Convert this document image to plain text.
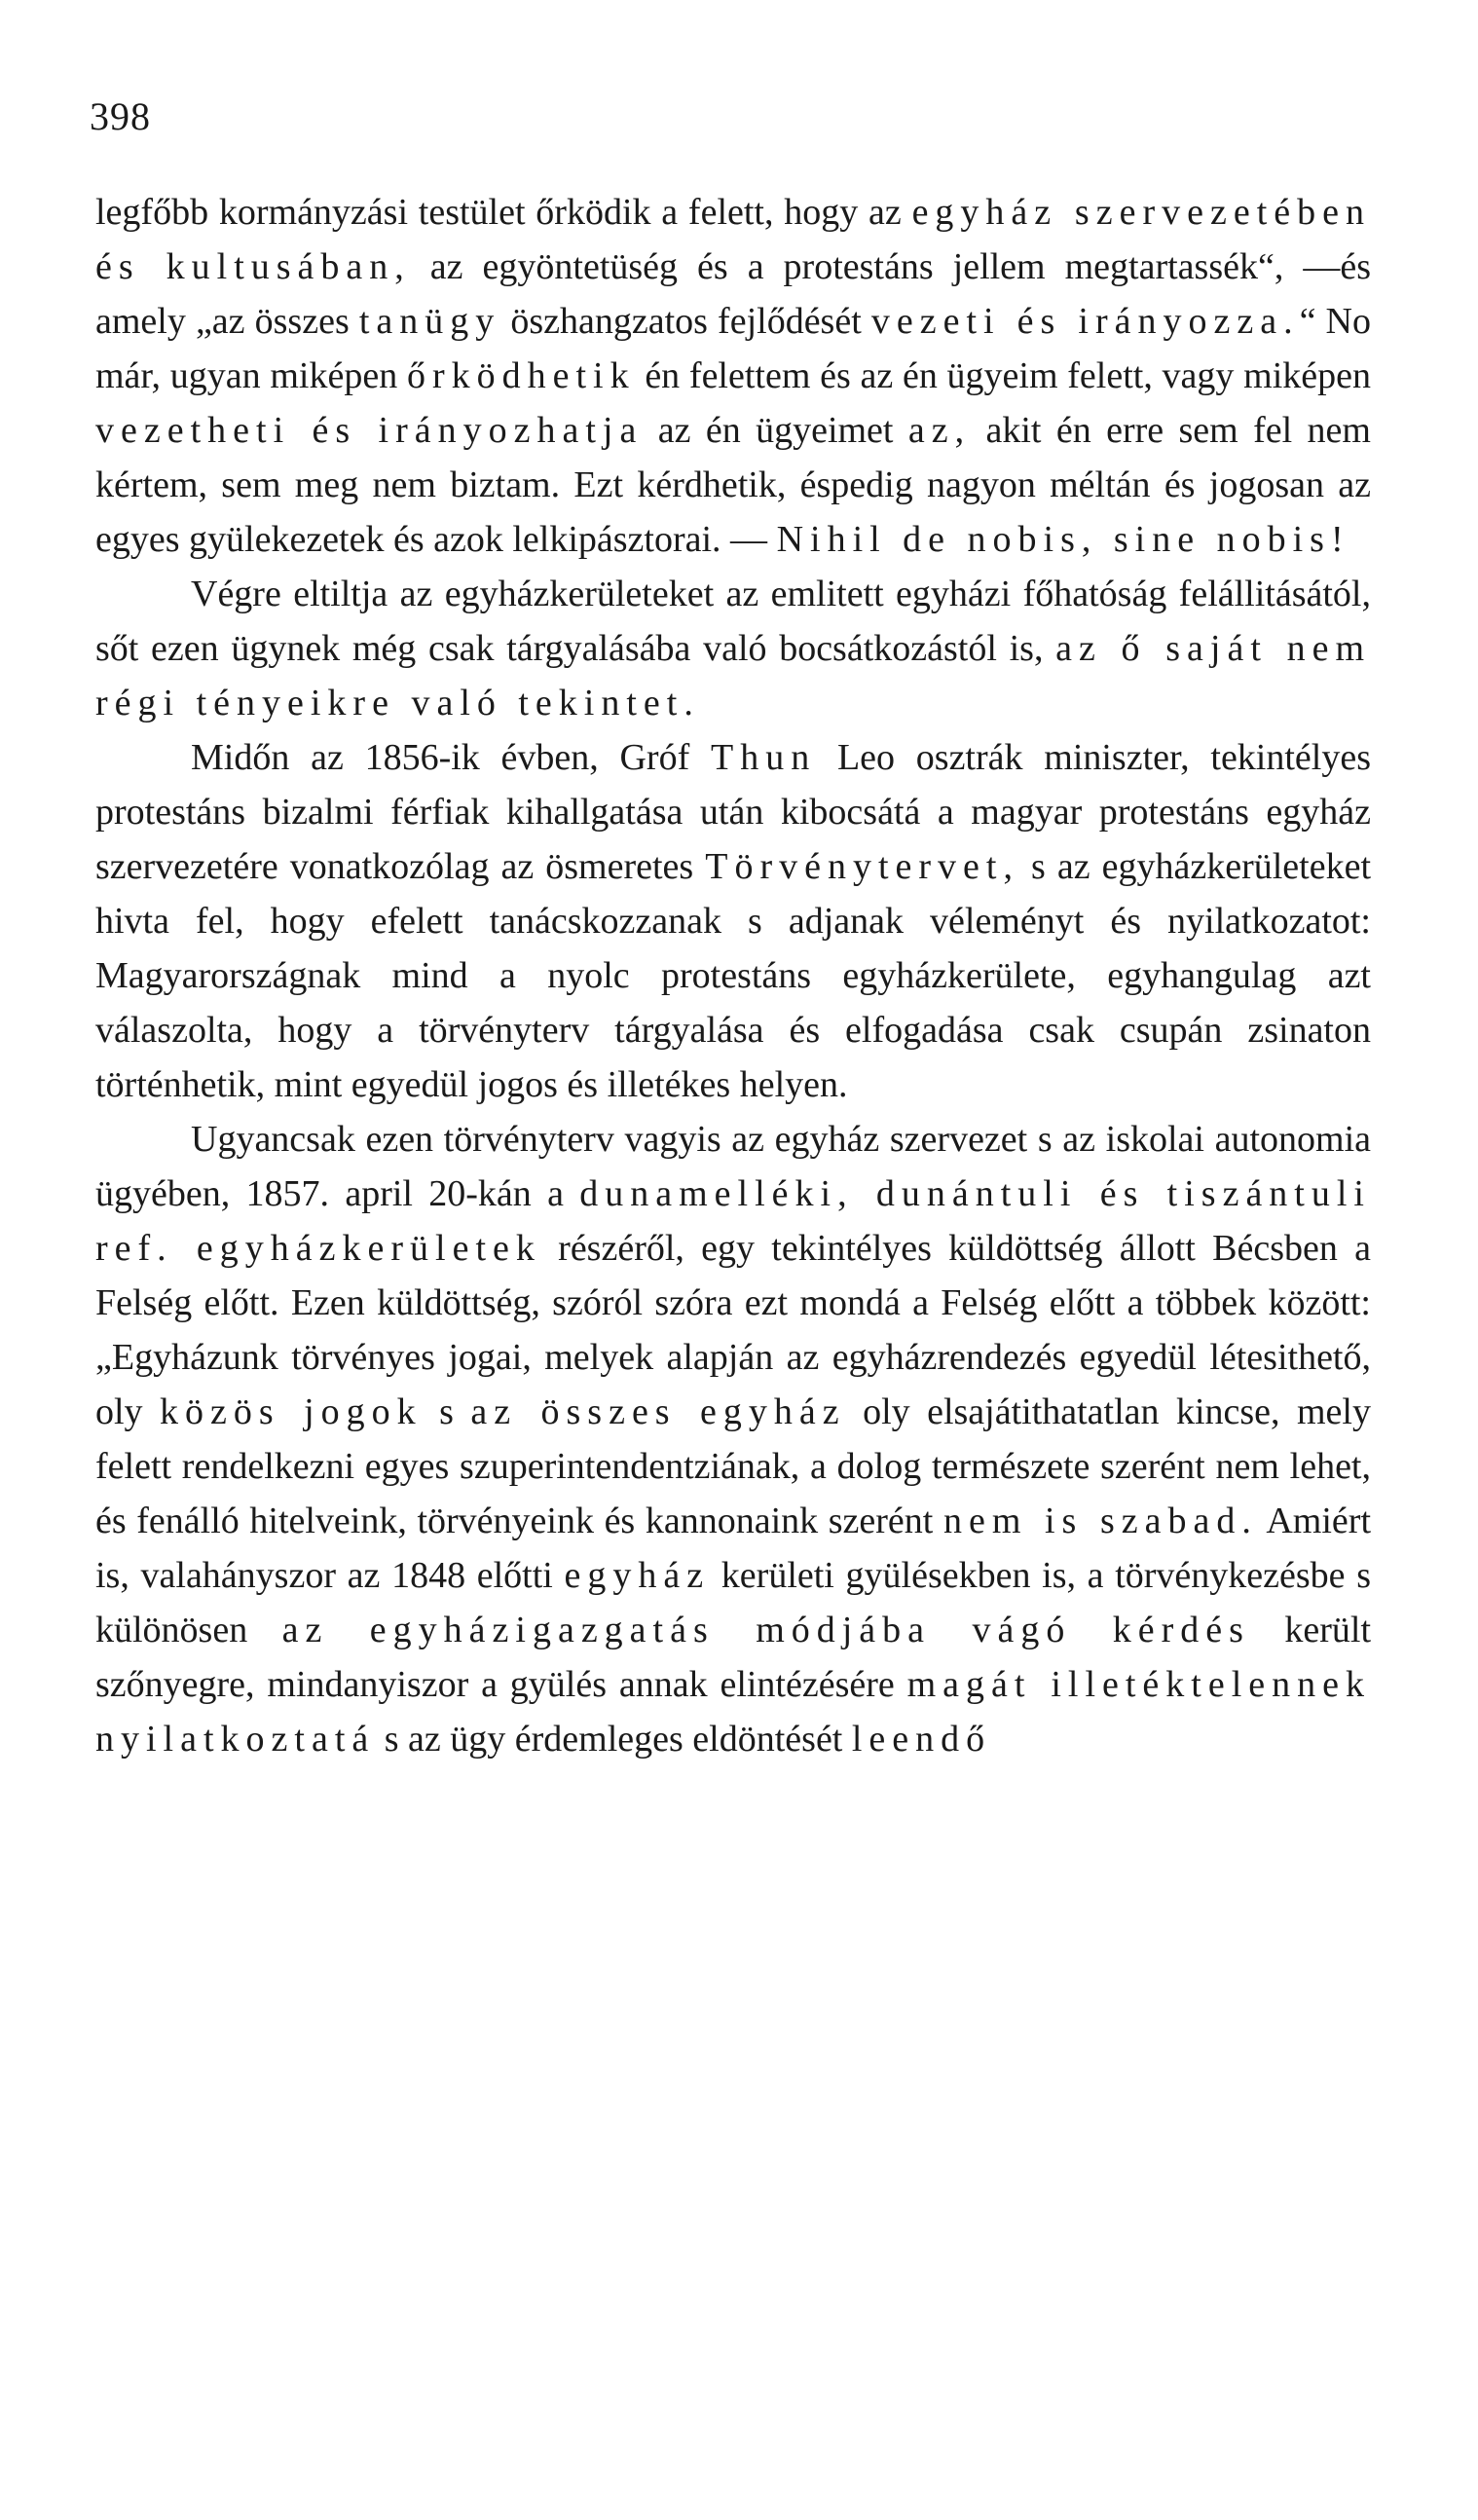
398

legfőbb kormányzási testület őrködik a felett, hogy az egyház szervezetében és kultusában, az egyöntetüség és a protestáns jellem megtartassék“, —és amely „az összes tanügy öszhangzatos fejlődését vezeti és irányozza.“ No már, ugyan miképen őrködhetik én felettem és az én ügyeim felett, vagy miképen vezetheti és irányozhatja az én ügyeimet az, akit én erre sem fel nem kértem, sem meg nem biztam. Ezt kérdhetik, éspedig nagyon méltán és jogosan az egyes gyülekezetek és azok lelkipásztorai. — Nihil de nobis, sine nobis!

Végre eltiltja az egyházkerületeket az emlitett egyházi főhatóság felállitásától, sőt ezen ügynek még csak tárgyalásába való bocsátkozástól is, az ő saját nem régi tényeikre való tekintet.

Midőn az 1856-ik évben, Gróf Thun Leo osztrák miniszter, tekintélyes protestáns bizalmi férfiak kihallgatása után kibocsátá a magyar protestáns egyház szervezetére vonatkozólag az ösmeretes Törvénytervet, s az egyházkerületeket hivta fel, hogy efelett tanácskozzanak s adjanak véleményt és nyilatkozatot: Magyarországnak mind a nyolc protestáns egyházkerülete, egyhangulag azt válaszolta, hogy a törvényterv tárgyalása és elfogadása csak csupán zsinaton történhetik, mint egyedül jogos és illetékes helyen.

Ugyancsak ezen törvényterv vagyis az egyház szervezet s az iskolai autonomia ügyében, 1857. april 20-kán a dunamelléki, dunántuli és tiszántuli ref. egyházkerületek részéről, egy tekintélyes küldöttség állott Bécsben a Felség előtt. Ezen küldöttség, szóról szóra ezt mondá a Felség előtt a többek között: „Egyházunk törvényes jogai, melyek alapján az egyházrendezés egyedül létesithető, oly közös jogok s az összes egyház oly elsajátithatatlan kincse, mely felett rendelkezni egyes szuperintendentziának, a dolog természete szerént nem lehet, és fenálló hitelveink, törvényeink és kannonaink szerént nem is szabad. Amiért is, valahányszor az 1848 előtti egyház kerületi gyülésekben is, a törvénykezésbe s különösen az egyházigazgatás módjába vágó kérdés került szőnyegre, mindanyiszor a gyülés annak elintézésére magát illetéktelennek nyilatkoztatá s az ügy érdemleges eldöntését leendő
